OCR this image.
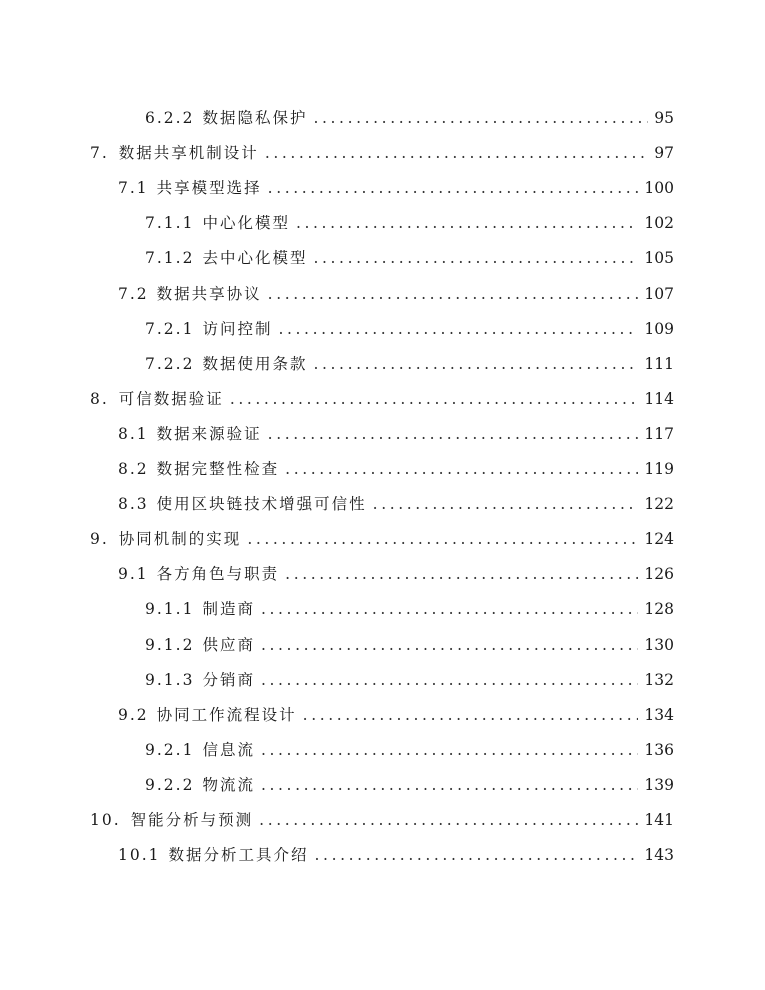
6.2.2 数据隐私保护 .....	95
7. 数据共享机制设计 .....	97
7.1 共享模型选择 .....	100
7.1.1 中心化模型 .....	102
7.1.2 去中心化模型 .....	105
7.2 数据共享协议 .....	107
7.2.1 访问控制 .....	109
7.2.2 数据使用条款 .....	111
8. 可信数据验证 .....	114
8.1 数据来源验证 .....	117
8.2 数据完整性检查 .....	119
8.3 使用区块链技术增强可信性 .....	122
9. 协同机制的实现 .....	124
9.1 各方角色与职责 .....	126
9.1.1 制造商 .....	128
9.1.2 供应商 .....	130
9.1.3 分销商 .....	132
9.2 协同工作流程设计 .....	134
9.2.1 信息流 .....	136
9.2.2 物流流 .....	139
10. 智能分析与预测 .....	141
10.1 数据分析工具介绍 .....	143
